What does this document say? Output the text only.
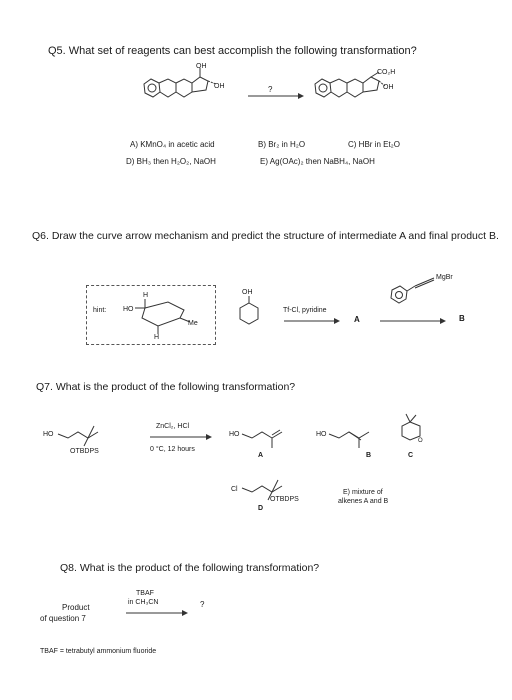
Q5. What set of reagents can best accomplish the following transformation?
OH
OH	?
CO₂H
OH
A) KMnO₄ in acetic acid	B) Br₂ in H₂O	C) HBr in Et₂O
D) BH₃ then H₂O₂, NaOH	E) Ag(OAc)₂ then NaBH₄, NaOH
Q6. Draw the curve arrow mechanism and predict the structure of intermediate A and final product B.
hint: HO
H
Me
H
OH
Tf-Cl, pyridine
A
MgBr
B
Q7. What is the product of the following transformation?
HO
OTBDPS
ZnCl₂, HCl
0 °C, 12 hours
HO
A
HO
B
O
C
Cl
OTBDPS
D
E) mixture of
alkenes A and B
Q8. What is the product of the following transformation?
Product
of question 7
TBAF
in CH₃CN	?
TBAF = tetrabutyl ammonium fluoride
